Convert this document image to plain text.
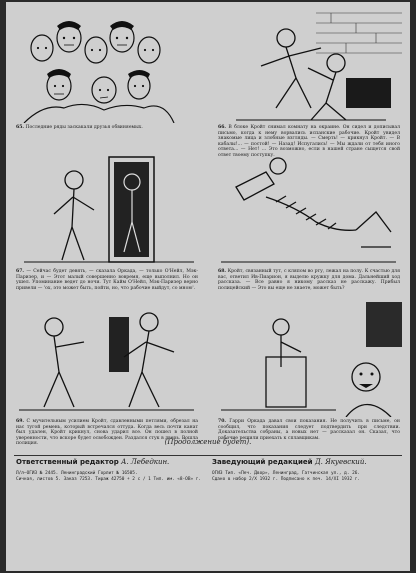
65. Последние ряды заскакали друзья обвиняемых.	66. В блоке Кройт снимал комнату на окраине. Он сидел и дописывал письмо, когда к нему ворвались испанские рабочие. Кройт увидел знакомые лица и злобные взгляды. — Смерть! — крикнул Кройт. — В кабалы!... — постой! — Назад! Испугались! — Мы ждали от тебя иного ответа... — Нет! ... Это возможно, если в нашей стране сыщется свой ответ твоему поступку.
67. — Сейчас будет девять, — сказала Оркада, — только О'Нейл, Мэк-Паризер, и — Этот малый совершенно вовремя, еще выполнил. Но он ушел. Упоминание ведет до ночи. Тут Кайм О'Нейл, Мэк-Паризер верно привели — 'ох, это может быть, пойти, но, что рабочие выйдут, со мною'.
68. Кройт, связанный тут, с кляпом во рту, лежал на полу. К счастью для вас, ответил Ив-Пиарион, я выделю кружку для дома. Дальнейший ход рассказа. — Все равно я никому рассказ не расскажу. Прибыл полицейский — Это вы еще не знаете, может быть?
69. С мучительным усилием Кройт, сдавленными петлями, обрезал на нас тугой ремень, который встречался оттуда. Когда весь почти канат был удален, Кройт крикнул, снова ударил все. Он пошел в полной уверенности, что вскоре будет освобожден. Раздался стук в дверь. Вошла полиция.
70. Гарри Оркада давал свои показания. Не получить в письме, он сообщил, что показания следует подтвердить при следствии. Доказательства собраны, а новых нет — рассказал он. Сказал, что рабочие решили приехать к сплавщикам.
(Продолжение будет).
Ответственный редактор А. Лебедкин.	Заведующий редакцией Д. Якуевский.
Л/л—ОГИЗ № 2445. Ленинградский Горлит № 16505.
Сичная, листов 5. Заказ 7253. Тираж 42750 + 2 с / 1 Тип. им. «8-ОВ» г.
ОГИЗ Тип. «Печ. Двор», Ленинград, Гатчинская ул., д. 26.
Сдано в набор 2/X 1932 г. Подписано к печ. 14/XI 1932 г.
